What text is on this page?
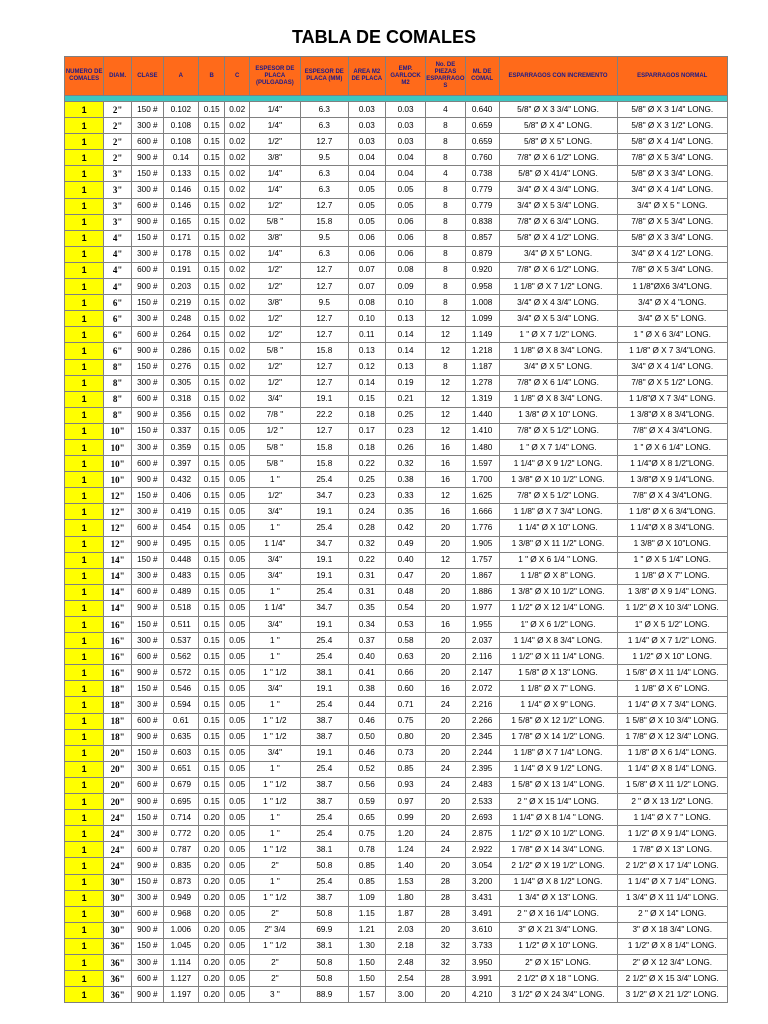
TABLA DE COMALES
NUMERO DE COMALES	DIAM.	CLASE	A	B	C	ESPESOR DE PLACA (PULGADAS)	ESPESOR DE PLACA (MM)	AREA M2 DE PLACA	EMP. GARLOCK M2	No. DE PIEZAS ESPARRAGO S	ML DE COMAL	ESPARRAGOS CON INCREMENTO	ESPARRAGOS NORMAL

1	2"	150 #	0.102	0.15	0.02	1/4"	6.3	0.03	0.03	4	0.640	5/8" Ø X 3 3/4" LONG.	5/8" Ø X 3 1/4" LONG.
1	2"	300 #	0.108	0.15	0.02	1/4"	6.3	0.03	0.03	8	0.659	5/8" Ø X 4" LONG.	5/8" Ø X 3 1/2" LONG.
1	2"	600 #	0.108	0.15	0.02	1/2"	12.7	0.03	0.03	8	0.659	5/8" Ø X 5" LONG.	5/8" Ø X 4 1/4" LONG.
1	2"	900 #	0.14	0.15	0.02	3/8"	9.5	0.04	0.04	8	0.760	7/8" Ø X 6 1/2" LONG.	7/8" Ø X 5 3/4" LONG.
1	3"	150 #	0.133	0.15	0.02	1/4"	6.3	0.04	0.04	4	0.738	5/8" Ø X 41/4" LONG.	5/8" Ø X 3 3/4" LONG.
1	3"	300 #	0.146	0.15	0.02	1/4"	6.3	0.05	0.05	8	0.779	3/4" Ø X 4 3/4" LONG.	3/4" Ø X 4 1/4" LONG.
1	3"	600 #	0.146	0.15	0.02	1/2"	12.7	0.05	0.05	8	0.779	3/4" Ø X 5 3/4" LONG.	3/4" Ø X 5 " LONG.
1	3"	900 #	0.165	0.15	0.02	5/8 "	15.8	0.05	0.06	8	0.838	7/8" Ø X 6 3/4" LONG.	7/8" Ø X 5 3/4" LONG.
1	4"	150 #	0.171	0.15	0.02	3/8"	9.5	0.06	0.06	8	0.857	5/8" Ø X 4 1/2" LONG.	5/8" Ø X 3 3/4" LONG.
1	4"	300 #	0.178	0.15	0.02	1/4"	6.3	0.06	0.06	8	0.879	3/4" Ø X 5" LONG.	3/4" Ø X 4 1/2" LONG.
1	4"	600 #	0.191	0.15	0.02	1/2"	12.7	0.07	0.08	8	0.920	7/8" Ø X 6 1/2" LONG.	7/8" Ø X 5 3/4" LONG.
1	4"	900 #	0.203	0.15	0.02	1/2"	12.7	0.07	0.09	8	0.958	1 1/8" Ø X 7 1/2" LONG.	1 1/8"ØX6 3/4"LONG.
1	6"	150 #	0.219	0.15	0.02	3/8"	9.5	0.08	0.10	8	1.008	3/4" Ø X 4 3/4" LONG.	3/4" Ø X 4 "LONG.
1	6"	300 #	0.248	0.15	0.02	1/2"	12.7	0.10	0.13	12	1.099	3/4" Ø X 5 3/4" LONG.	3/4" Ø X 5" LONG.
1	6"	600 #	0.264	0.15	0.02	1/2"	12.7	0.11	0.14	12	1.149	1 " Ø X 7 1/2" LONG.	1 " Ø X 6 3/4" LONG.
1	6"	900 #	0.286	0.15	0.02	5/8 "	15.8	0.13	0.14	12	1.218	1 1/8" Ø X 8 3/4" LONG.	1 1/8" Ø X 7 3/4"LONG.
1	8"	150 #	0.276	0.15	0.02	1/2"	12.7	0.12	0.13	8	1.187	3/4" Ø X 5" LONG.	3/4" Ø X 4 1/4" LONG.
1	8"	300 #	0.305	0.15	0.02	1/2"	12.7	0.14	0.19	12	1.278	7/8" Ø X 6 1/4" LONG.	7/8" Ø X 5 1/2" LONG.
1	8"	600 #	0.318	0.15	0.02	3/4"	19.1	0.15	0.21	12	1.319	1 1/8" Ø X 8 3/4" LONG.	1 1/8"Ø X 7 3/4" LONG.
1	8"	900 #	0.356	0.15	0.02	7/8 "	22.2	0.18	0.25	12	1.440	1 3/8" Ø X 10" LONG.	1 3/8"Ø X 8 3/4"LONG.
1	10"	150 #	0.337	0.15	0.05	1/2 "	12.7	0.17	0.23	12	1.410	7/8" Ø X 5 1/2" LONG.	7/8" Ø X 4 3/4"LONG.
1	10"	300 #	0.359	0.15	0.05	5/8 "	15.8	0.18	0.26	16	1.480	1 " Ø X 7 1/4" LONG.	1 " Ø X 6 1/4" LONG.
1	10"	600 #	0.397	0.15	0.05	5/8 "	15.8	0.22	0.32	16	1.597	1 1/4" Ø X 9 1/2" LONG.	1 1/4"Ø X 8 1/2"LONG.
1	10"	900 #	0.432	0.15	0.05	1 "	25.4	0.25	0.38	16	1.700	1 3/8" Ø X 10 1/2" LONG.	1 3/8"Ø X 9 1/4"LONG.
1	12"	150 #	0.406	0.15	0.05	1/2"	34.7	0.23	0.33	12	1.625	7/8" Ø X 5 1/2" LONG.	7/8" Ø X 4 3/4"LONG.
1	12"	300 #	0.419	0.15	0.05	3/4"	19.1	0.24	0.35	16	1.666	1 1/8" Ø X 7 3/4" LONG.	1 1/8" Ø X 6 3/4"LONG.
1	12"	600 #	0.454	0.15	0.05	1 "	25.4	0.28	0.42	20	1.776	1 1/4" Ø X 10" LONG.	1 1/4"Ø X 8 3/4"LONG.
1	12"	900 #	0.495	0.15	0.05	1 1/4"	34.7	0.32	0.49	20	1.905	1 3/8" Ø X 11 1/2" LONG.	1 3/8" Ø X 10"LONG.
1	14"	150 #	0.448	0.15	0.05	3/4"	19.1	0.22	0.40	12	1.757	1 " Ø X 6 1/4 " LONG.	1 " Ø X 5 1/4" LONG.
1	14"	300 #	0.483	0.15	0.05	3/4"	19.1	0.31	0.47	20	1.867	1 1/8" Ø X 8" LONG.	1 1/8" Ø X 7" LONG.
1	14"	600 #	0.489	0.15	0.05	1 "	25.4	0.31	0.48	20	1.886	1 3/8" Ø X 10 1/2" LONG.	1 3/8" Ø X 9 1/4" LONG.
1	14"	900 #	0.518	0.15	0.05	1 1/4"	34.7	0.35	0.54	20	1.977	1 1/2" Ø X 12 1/4" LONG.	1 1/2" Ø X 10 3/4" LONG.
1	16"	150 #	0.511	0.15	0.05	3/4"	19.1	0.34	0.53	16	1.955	1" Ø X 6 1/2" LONG.	1" Ø X 5 1/2" LONG.
1	16"	300 #	0.537	0.15	0.05	1 "	25.4	0.37	0.58	20	2.037	1 1/4" Ø X 8 3/4" LONG.	1 1/4" Ø X 7 1/2" LONG.
1	16"	600 #	0.562	0.15	0.05	1 "	25.4	0.40	0.63	20	2.116	1 1/2" Ø X 11 1/4" LONG.	1 1/2" Ø X 10" LONG.
1	16"	900 #	0.572	0.15	0.05	1 " 1/2	38.1	0.41	0.66	20	2.147	1 5/8" Ø X 13" LONG.	1 5/8" Ø X 11 1/4" LONG.
1	18"	150 #	0.546	0.15	0.05	3/4"	19.1	0.38	0.60	16	2.072	1 1/8" Ø X 7" LONG.	1 1/8" Ø X 6" LONG.
1	18"	300 #	0.594	0.15	0.05	1 "	25.4	0.44	0.71	24	2.216	1 1/4" Ø X 9" LONG.	1 1/4" Ø X 7 3/4" LONG.
1	18"	600 #	0.61	0.15	0.05	1 " 1/2	38.7	0.46	0.75	20	2.266	1 5/8" Ø X 12 1/2" LONG.	1 5/8" Ø X 10 3/4" LONG.
1	18"	900 #	0.635	0.15	0.05	1 " 1/2	38.7	0.50	0.80	20	2.345	1 7/8" Ø X 14 1/2" LONG.	1 7/8" Ø X 12 3/4" LONG.
1	20"	150 #	0.603	0.15	0.05	3/4"	19.1	0.46	0.73	20	2.244	1 1/8" Ø X 7 1/4" LONG.	1 1/8" Ø X 6 1/4" LONG.
1	20"	300 #	0.651	0.15	0.05	1 "	25.4	0.52	0.85	24	2.395	1 1/4" Ø X 9 1/2" LONG.	1 1/4" Ø X 8 1/4" LONG.
1	20"	600 #	0.679	0.15	0.05	1 " 1/2	38.7	0.56	0.93	24	2.483	1 5/8" Ø X 13 1/4" LONG.	1 5/8" Ø X 11 1/2" LONG.
1	20"	900 #	0.695	0.15	0.05	1 " 1/2	38.7	0.59	0.97	20	2.533	2 " Ø X 15 1/4" LONG.	2 " Ø X 13 1/2" LONG.
1	24"	150 #	0.714	0.20	0.05	1 "	25.4	0.65	0.99	20	2.693	1 1/4" Ø X 8 1/4 " LONG.	1 1/4" Ø X 7 " LONG.
1	24"	300 #	0.772	0.20	0.05	1 "	25.4	0.75	1.20	24	2.875	1 1/2" Ø X 10 1/2" LONG.	1 1/2" Ø X 9 1/4" LONG.
1	24"	600 #	0.787	0.20	0.05	1 " 1/2	38.1	0.78	1.24	24	2.922	1 7/8" Ø X 14 3/4" LONG.	1 7/8" Ø X 13" LONG.
1	24"	900 #	0.835	0.20	0.05	2"	50.8	0.85	1.40	20	3.054	2 1/2" Ø X 19 1/2" LONG.	2 1/2" Ø X 17 1/4" LONG.
1	30"	150 #	0.873	0.20	0.05	1 "	25.4	0.85	1.53	28	3.200	1 1/4" Ø X 8 1/2" LONG.	1 1/4" Ø X 7 1/4" LONG.
1	30"	300 #	0.949	0.20	0.05	1 " 1/2	38.7	1.09	1.80	28	3.431	1 3/4" Ø X 13" LONG.	1 3/4" Ø X 11 1/4" LONG.
1	30"	600 #	0.968	0.20	0.05	2"	50.8	1.15	1.87	28	3.491	2 " Ø X 16 1/4" LONG.	2 " Ø X 14" LONG.
1	30"	900 #	1.006	0.20	0.05	2" 3/4	69.9	1.21	2.03	20	3.610	3" Ø X 21 3/4" LONG.	3" Ø X 18 3/4" LONG.
1	36"	150 #	1.045	0.20	0.05	1 " 1/2	38.1	1.30	2.18	32	3.733	1 1/2" Ø X 10" LONG.	1 1/2" Ø X 8 1/4" LONG.
1	36"	300 #	1.114	0.20	0.05	2"	50.8	1.50	2.48	32	3.950	2" Ø X 15" LONG.	2" Ø X 12 3/4" LONG.
1	36"	600 #	1.127	0.20	0.05	2"	50.8	1.50	2.54	28	3.991	2 1/2" Ø X 18 " LONG.	2 1/2" Ø X 15 3/4" LONG.
1	36"	900 #	1.197	0.20	0.05	3 "	88.9	1.57	3.00	20	4.210	3 1/2" Ø X 24 3/4" LONG.	3 1/2" Ø X 21 1/2" LONG.
